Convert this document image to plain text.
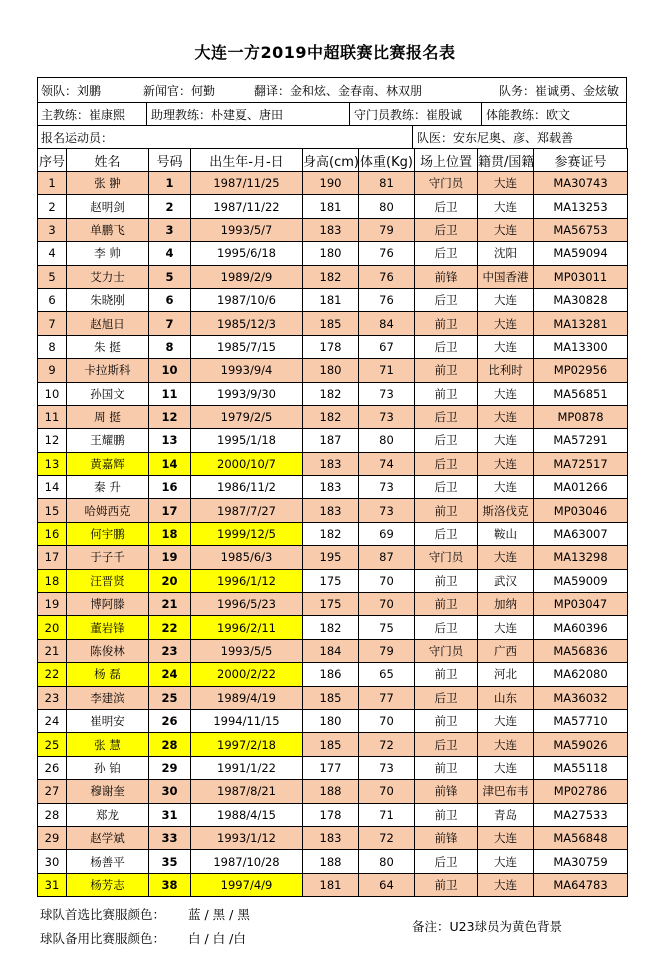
大连一方2019中超联赛比赛报名表
领队：刘鹏	新闻官：何勤	翻译：金和炫、金春南、林双朋	队务：崔诚勇、金炫敏
主教练：崔康熙 助理教练：朴建夏、唐田	守门员教练：崔殷诚 体能教练：欧文
报名运动员：	队医：安东尼奥、彦、郑载善
序号	姓名	号码	出生年-月-日	身高(cm)	体重(Kg)	场上位置	籍贯/国籍	参赛证号
1	张 翀	1	1987/11/25	190	81	守门员	大连	MA30743
2	赵明剑	2	1987/11/22	181	80	后卫	大连	MA13253
3	单鹏飞	3	1993/5/7	183	79	后卫	大连	MA56753
4	李 帅	4	1995/6/18	180	76	后卫	沈阳	MA59094
5	艾力士	5	1989/2/9	182	76	前锋	中国香港	MP03011
6	朱晓刚	6	1987/10/6	181	76	后卫	大连	MA30828
7	赵旭日	7	1985/12/3	185	84	前卫	大连	MA13281
8	朱 挺	8	1985/7/15	178	67	后卫	大连	MA13300
9	卡拉斯科	10	1993/9/4	180	71	前卫	比利时	MP02956
10	孙国文	11	1993/9/30	182	73	前卫	大连	MA56851
11	周 挺	12	1979/2/5	182	73	后卫	大连	MP0878
12	王耀鹏	13	1995/1/18	187	80	后卫	大连	MA57291
13	黄嘉辉	14	2000/10/7	183	74	后卫	大连	MA72517
14	秦 升	16	1986/11/2	183	73	后卫	大连	MA01266
15	哈姆西克	17	1987/7/27	183	73	前卫	斯洛伐克	MP03046
16	何宇鹏	18	1999/12/5	182	69	后卫	鞍山	MA63007
17	于子千	19	1985/6/3	195	87	守门员	大连	MA13298
18	汪晋贤	20	1996/1/12	175	70	前卫	武汉	MA59009
19	博阿滕	21	1996/5/23	175	70	前卫	加纳	MP03047
20	董岩锋	22	1996/2/11	182	75	后卫	大连	MA60396
21	陈俊林	23	1993/5/5	184	79	守门员	广西	MA56836
22	杨 磊	24	2000/2/22	186	65	前卫	河北	MA62080
23	李建滨	25	1989/4/19	185	77	后卫	山东	MA36032
24	崔明安	26	1994/11/15	180	70	前卫	大连	MA57710
25	张 慧	28	1997/2/18	185	72	后卫	大连	MA59026
26	孙 铂	29	1991/1/22	177	73	前卫	大连	MA55118
27	穆谢奎	30	1987/8/21	188	70	前锋	津巴布韦	MP02786
28	郑龙	31	1988/4/15	178	71	前卫	青岛	MA27533
29	赵学斌	33	1993/1/12	183	72	前锋	大连	MA56848
30	杨善平	35	1987/10/28	188	80	后卫	大连	MA30759
31	杨芳志	38	1997/4/9	181	64	前卫	大连	MA64783
球队首选比赛服颜色： 蓝 / 黑 / 黑
球队备用比赛服颜色： 白 / 白 /白
备注：U23球员为黄色背景
